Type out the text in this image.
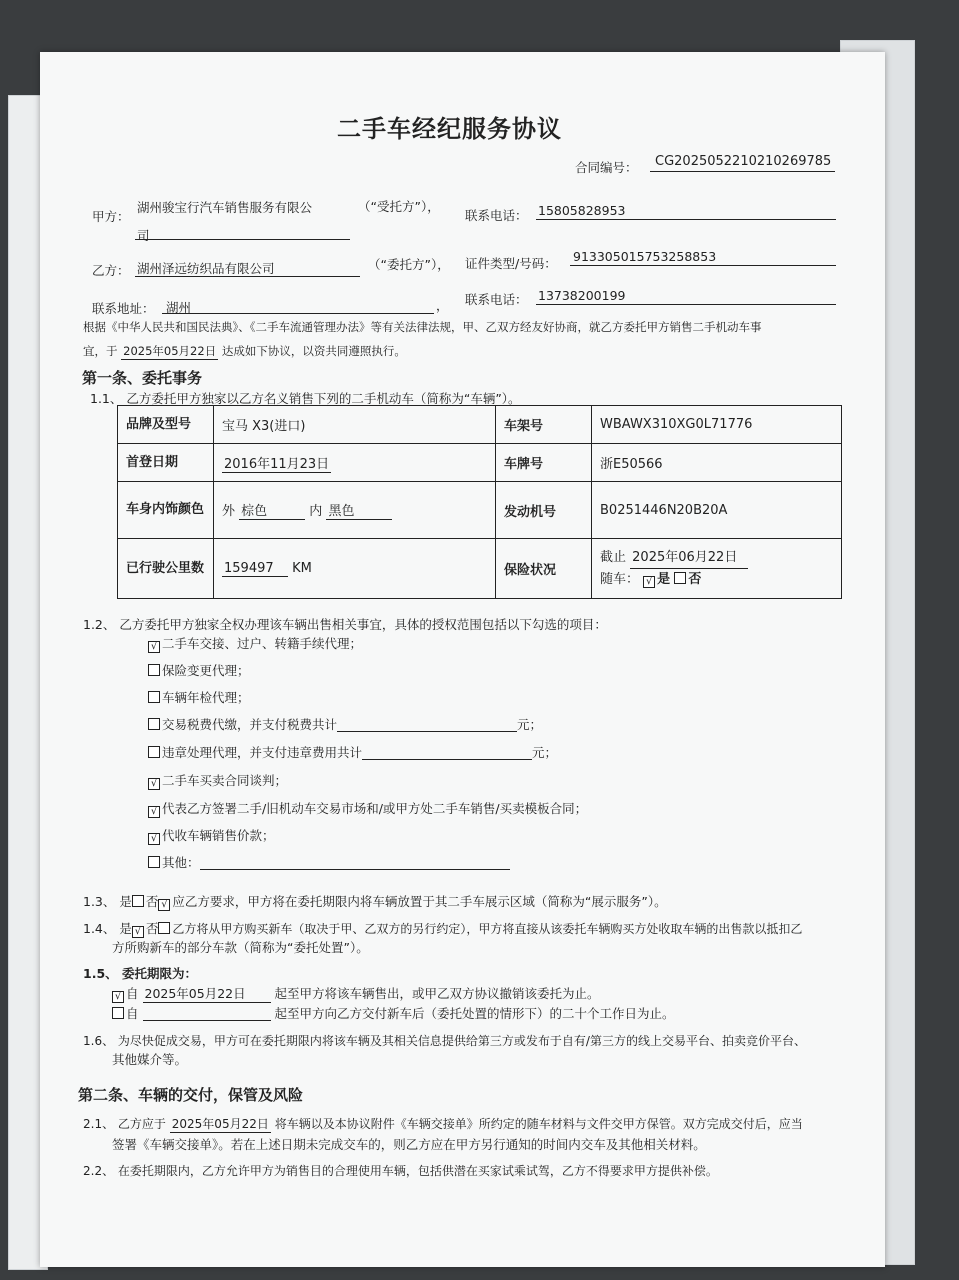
二手车经纪服务协议
合同编号： CG2025052210210269785
甲方：
湖州骏宝行汽车销售服务有限公
司
（“受托方”），
联系电话： 15805828953
乙方： 湖州泽远纺织品有限公司	（“委托方”）， 证件类型/号码： 913305015753258853
联系地址： 湖州	， 联系电话： 13738200199
根据《中华人民共和国民法典》、《二手车流通管理办法》等有关法律法规，甲、乙双方经友好协商，就乙方委托甲方销售二手机动车事
宜，于 2025年05月22日 达成如下协议，以资共同遵照执行。
第一条、委托事务
1.1、 乙方委托甲方独家以乙方名义销售下列的二手机动车（简称为“车辆”）。
品牌及型号	宝马 X3(进口)	车架号	WBAWX310XG0L71776
首登日期	2016年11月23日	车牌号	浙E50566
车身内饰颜色	外 棕色 内 黑色	发动机号	B0251446N20B20A
已行驶公里数	159497 KM	保险状况	截止 2025年06月22日
随车： √ 是 否
1.2、 乙方委托甲方独家全权办理该车辆出售相关事宜，具体的授权范围包括以下勾选的项目：
√ 二手车交接、过户、转籍手续代理；
保险变更代理；
车辆年检代理；
交易税费代缴，并支付税费共计	元；
违章处理代理，并支付违章费用共计	元；
√ 二手车买卖合同谈判；
√ 代表乙方签署二手/旧机动车交易市场和/或甲方处二手车销售/买卖模板合同；
√ 代收车辆销售价款；
其他：
1.3、 是 否 √ 应乙方要求，甲方将在委托期限内将车辆放置于其二手车展示区域（简称为“展示服务”）。
1.4、 是 √ 否 乙方将从甲方购买新车（取决于甲、乙双方的另行约定），甲方将直接从该委托车辆购买方处收取车辆的出售款以抵扣乙
方所购新车的部分车款（简称为“委托处置”）。
1.5、 委托期限为：
√ 自 2025年05月22日 起至甲方将该车辆售出，或甲乙双方协议撤销该委托为止。
自	起至甲方向乙方交付新车后（委托处置的情形下）的二十个工作日为止。
1.6、 为尽快促成交易，甲方可在委托期限内将该车辆及其相关信息提供给第三方或发布于自有/第三方的线上交易平台、拍卖竞价平台、
其他媒介等。
第二条、车辆的交付，保管及风险
2.1、 乙方应于 2025年05月22日 将车辆以及本协议附件《车辆交接单》所约定的随车材料与文件交甲方保管。双方完成交付后，应当
签署《车辆交接单》。若在上述日期未完成交车的，则乙方应在甲方另行通知的时间内交车及其他相关材料。
2.2、 在委托期限内，乙方允许甲方为销售目的合理使用车辆，包括供潜在买家试乘试驾，乙方不得要求甲方提供补偿。
